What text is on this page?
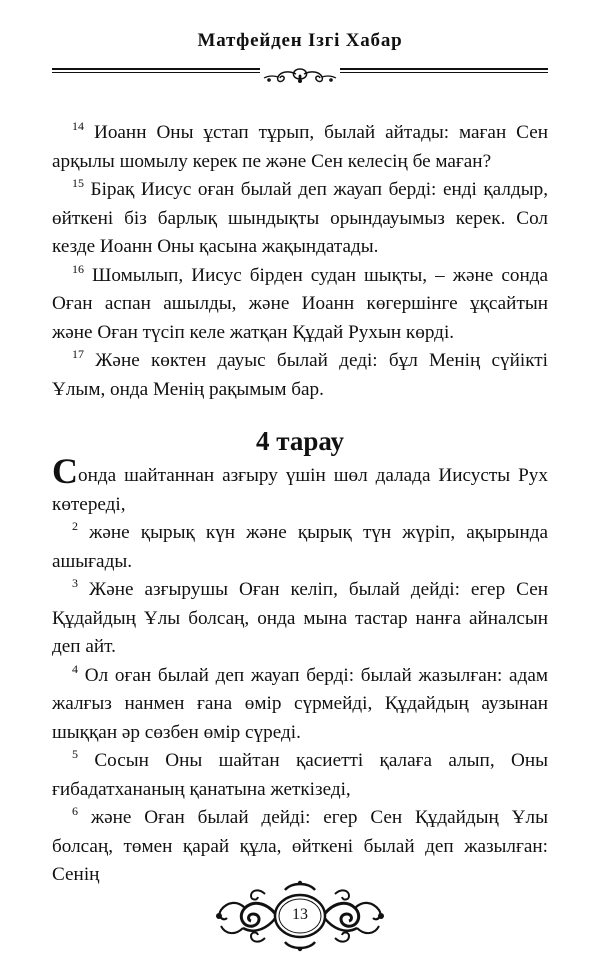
Матфейден Ізгі Хабар

$^{14}$ Иоанн Оны ұстап тұрып, былай айтады: маған Сен арқылы шомылу керек пе және Сен келесің бе маған?

$^{15}$ Бірақ Иисус оған былай деп жауап берді: енді қалдыр, өйткені біз барлық шындықты орындауымыз керек. Сол кезде Иоанн Оны қасына жақындатады.

$^{16}$ Шомылып, Иисус бірден судан шықты, – және сонда Оған аспан ашылды, және Иоанн көгершінге ұқсайтын және Оған түсіп келе жатқан Құдай Рухын көрді.

$^{17}$ Және көктен дауыс былай деді: бұл Менің сүйікті Ұлым, онда Менің рақымым бар.

4 тарау

Сонда шайтаннан азғыру үшін шөл далада Иисусты Рух көтереді,

$^2$ және қырық күн және қырық түн жүріп, ақырында ашығады.

$^3$ Және азғырушы Оған келіп, былай дейді: егер Сен Құдайдың Ұлы болсаң, онда мына тастар нанға айналсын деп айт.

$^4$ Ол оған былай деп жауап берді: былай жазылған: адам жалғыз нанмен ғана өмір сүрмейді, Құдайдың аузынан шыққан әр сөзбен өмір сүреді.

$^5$ Сосын Оны шайтан қасиетті қалаға алып, Оны ғибадатхананың қанатына жеткізеді,

$^6$ және Оған былай дейді: егер Сен Құдайдың Ұлы болсаң, төмен қарай құла, өйткені былай деп жазылған: Сенің

13
